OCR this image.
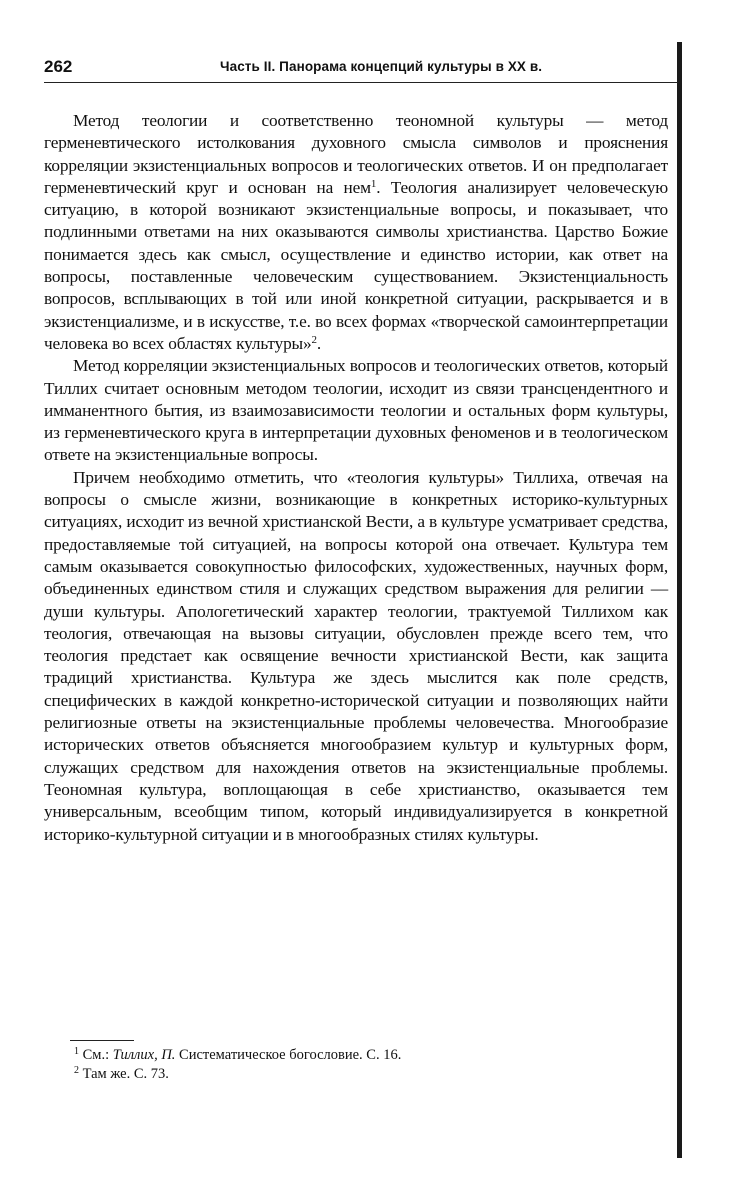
262	Часть II. Панорама концепций культуры в XX в.

Метод теологии и соответственно теономной культуры — метод герменевтического истолкования духовного смысла символов и прояснения корреляции экзистенциальных вопросов и теологических ответов. И он предполагает герменевтический круг и основан на нем$^1$. Теология анализирует человеческую ситуацию, в которой возникают экзистенциальные вопросы, и показывает, что подлинными ответами на них оказываются символы христианства. Царство Божие понимается здесь как смысл, осуществление и единство истории, как ответ на вопросы, поставленные человеческим существованием. Экзистенциальность вопросов, всплывающих в той или иной конкретной ситуации, раскрывается и в экзистенциализме, и в искусстве, т.е. во всех формах «творческой самоинтерпретации человека во всех областях культуры»$^2$.

Метод корреляции экзистенциальных вопросов и теологических ответов, который Тиллих считает основным методом теологии, исходит из связи трансцендентного и имманентного бытия, из взаимозависимости теологии и остальных форм культуры, из герменевтического круга в интерпретации духовных феноменов и в теологическом ответе на экзистенциальные вопросы.

Причем необходимо отметить, что «теология культуры» Тиллиха, отвечая на вопросы о смысле жизни, возникающие в конкретных историко-культурных ситуациях, исходит из вечной христианской Вести, а в культуре усматривает средства, предоставляемые той ситуацией, на вопросы которой она отвечает. Культура тем самым оказывается совокупностью философских, художественных, научных форм, объединенных единством стиля и служащих средством выражения для религии — души культуры. Апологетический характер теологии, трактуемой Тиллихом как теология, отвечающая на вызовы ситуации, обусловлен прежде всего тем, что теология предстает как освящение вечности христианской Вести, как защита традиций христианства. Культура же здесь мыслится как поле средств, специфических в каждой конкретно-исторической ситуации и позволяющих найти религиозные ответы на экзистенциальные проблемы человечества. Многообразие исторических ответов объясняется многообразием культур и культурных форм, служащих средством для нахождения ответов на экзистенциальные проблемы. Теономная культура, воплощающая в себе христианство, оказывается тем универсальным, всеобщим типом, который индивидуализируется в конкретной историко-культурной ситуации и в многообразных стилях культуры.

$^1$ См.: Тиллих, П. Систематическое богословие. С. 16.

$^2$ Там же. С. 73.
